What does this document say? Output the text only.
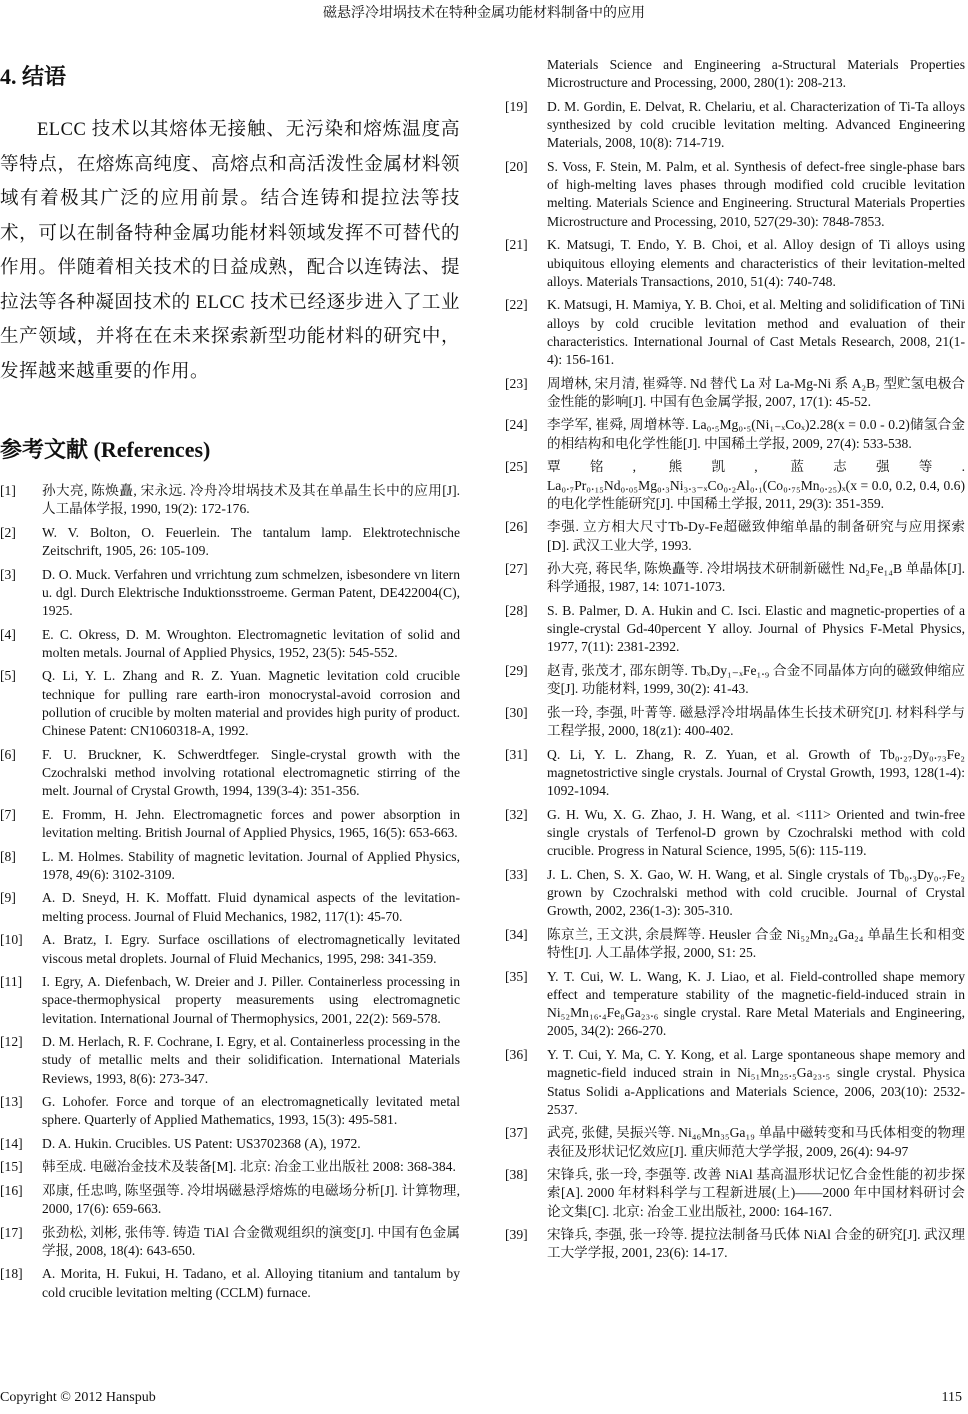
磁悬浮冷坩埚技术在特种金属功能材料制备中的应用
4. 结语

ELCC 技术以其熔体无接触、无污染和熔炼温度高等特点，在熔炼高纯度、高熔点和高活泼性金属材料领域有着极其广泛的应用前景。结合连铸和提拉法等技术，可以在制备特种金属功能材料领域发挥不可替代的作用。伴随着相关技术的日益成熟，配合以连铸法、提拉法等各种凝固技术的 ELCC 技术已经逐步进入了工业生产领域，并将在在未来探索新型功能材料的研究中，发挥越来越重要的作用。

参考文献 (References)
[1]	孙大亮, 陈焕矗, 宋永远. 冷舟冷坩埚技术及其在单晶生长中的应用[J]. 人工晶体学报, 1990, 19(2): 172-176.
[2]	W. V. Bolton, O. Feuerlein. The tantalum lamp. Elektrotechnische Zeitschrift, 1905, 26: 105-109.
[3]	D. O. Muck. Verfahren und vrrichtung zum schmelzen, isbesondere vn litern u. dgl. Durch Elektrische Induktionsstroeme. German Patent, DE422004(C), 1925.
[4]	E. C. Okress, D. M. Wroughton. Electromagnetic levitation of solid and molten metals. Journal of Applied Physics, 1952, 23(5): 545-552.
[5]	Q. Li, Y. L. Zhang and R. Z. Yuan. Magnetic levitation cold crucible technique for pulling rare earth-iron monocrystal-avoid corrosion and pollution of crucible by molten material and provides high purity of product. Chinese Patent: CN1060318-A, 1992.
[6]	F. U. Bruckner, K. Schwerdtfeger. Single-crystal growth with the Czochralski method involving rotational electromagnetic stirring of the melt. Journal of Crystal Growth, 1994, 139(3-4): 351-356.
[7]	E. Fromm, H. Jehn. Electromagnetic forces and power absorption in levitation melting. British Journal of Applied Physics, 1965, 16(5): 653-663.
[8]	L. M. Holmes. Stability of magnetic levitation. Journal of Applied Physics, 1978, 49(6): 3102-3109.
[9]	A. D. Sneyd, H. K. Moffatt. Fluid dynamical aspects of the levitation-melting process. Journal of Fluid Mechanics, 1982, 117(1): 45-70.
[10]	A. Bratz, I. Egry. Surface oscillations of electromagnetically levitated viscous metal droplets. Journal of Fluid Mechanics, 1995, 298: 341-359.
[11]	I. Egry, A. Diefenbach, W. Dreier and J. Piller. Containerless processing in space-thermophysical property measurements using electromagnetic levitation. International Journal of Thermophysics, 2001, 22(2): 569-578.
[12]	D. M. Herlach, R. F. Cochrane, I. Egry, et al. Containerless processing in the study of metallic melts and their solidification. International Materials Reviews, 1993, 8(6): 273-347.
[13]	G. Lohofer. Force and torque of an electromagnetically levitated metal sphere. Quarterly of Applied Mathematics, 1993, 15(3): 495-581.
[14]	D. A. Hukin. Crucibles. US Patent: US3702368 (A), 1972.
[15]	韩至成. 电磁冶金技术及装备[M]. 北京: 冶金工业出版社 2008: 368-384.
[16]	邓康, 任忠鸣, 陈坚强等. 冷坩埚磁悬浮熔炼的电磁场分析[J]. 计算物理, 2000, 17(6): 659-663.
[17]	张劲松, 刘彬, 张伟等. 铸造 TiAl 合金微观组织的演变[J]. 中国有色金属学报, 2008, 18(4): 643-650.
[18]	A. Morita, H. Fukui, H. Tadano, et al. Alloying titanium and tantalum by cold crucible levitation melting (CCLM) furnace.
Materials Science and Engineering a-Structural Materials Properties Microstructure and Processing, 2000, 280(1): 208-213.
[19]	D. M. Gordin, E. Delvat, R. Chelariu, et al. Characterization of Ti-Ta alloys synthesized by cold crucible levitation melting. Advanced Engineering Materials, 2008, 10(8): 714-719.
[20]	S. Voss, F. Stein, M. Palm, et al. Synthesis of defect-free single-phase bars of high-melting laves phases through modified cold crucible levitation melting. Materials Science and Engineering. Structural Materials Properties Microstructure and Processing, 2010, 527(29-30): 7848-7853.
[21]	K. Matsugi, T. Endo, Y. B. Choi, et al. Alloy design of Ti alloys using ubiquitous elloying elements and characteristics of their levitation-melted alloys. Materials Transactions, 2010, 51(4): 740-748.
[22]	K. Matsugi, H. Mamiya, Y. B. Choi, et al. Melting and solidification of TiNi alloys by cold crucible levitation method and evaluation of their characteristics. International Journal of Cast Metals Research, 2008, 21(1-4): 156-161.
[23]	周增林, 宋月清, 崔舜等. Nd 替代 La 对 La-Mg-Ni 系 A₂B₇ 型贮氢电极合金性能的影响[J]. 中国有色金属学报, 2007, 17(1): 45-52.
[24]	李学军, 崔舜, 周增林等. La₀.₅Mg₀.₅(Ni₁₋ₓCoₓ)2.28(x = 0.0 - 0.2)储氢合金的相结构和电化学性能[J]. 中国稀土学报, 2009, 27(4): 533-538.
[25]	覃铭, 熊凯, 蓝志强等. La₀.₇Pr₀.₁₅Nd₀.₀₅Mg₀.₃Ni₃.₃₋ₓCo₀.₂Al₀.₁(Co₀.₇₅Mn₀.₂₅)ₓ(x = 0.0, 0.2, 0.4, 0.6)的电化学性能研究[J]. 中国稀土学报, 2011, 29(3): 351-359.
[26]	李强. 立方相大尺寸Tb-Dy-Fe超磁致伸缩单晶的制备研究与应用探索[D]. 武汉工业大学, 1993.
[27]	孙大亮, 蒋民华, 陈焕矗等. 冷坩埚技术研制新磁性 Nd₂Fe₁₄B 单晶体[J]. 科学通报, 1987, 14: 1071-1073.
[28]	S. B. Palmer, D. A. Hukin and C. Isci. Elastic and magnetic-properties of a single-crystal Gd-40percent Y alloy. Journal of Physics F-Metal Physics, 1977, 7(11): 2381-2392.
[29]	赵青, 张茂才, 邵东朗等. TbₓDy₁₋ₓFe₁.₉ 合金不同晶体方向的磁致伸缩应变[J]. 功能材料, 1999, 30(2): 41-43.
[30]	张一玲, 李强, 叶菁等. 磁悬浮冷坩埚晶体生长技术研究[J]. 材料科学与工程学报, 2000, 18(z1): 400-402.
[31]	Q. Li, Y. L. Zhang, R. Z. Yuan, et al. Growth of Tb₀.₂₇Dy₀.₇₃Fe₂ magnetostrictive single crystals. Journal of Crystal Growth, 1993, 128(1-4): 1092-1094.
[32]	G. H. Wu, X. G. Zhao, J. H. Wang, et al. <111> Oriented and twin-free single crystals of Terfenol-D grown by Czochralski method with cold crucible. Progress in Natural Science, 1995, 5(6): 115-119.
[33]	J. L. Chen, S. X. Gao, W. H. Wang, et al. Single crystals of Tb₀.₃Dy₀.₇Fe₂ grown by Czochralski method with cold crucible. Journal of Crystal Growth, 2002, 236(1-3): 305-310.
[34]	陈京兰, 王文洪, 余晨辉等. Heusler 合金 Ni₅₂Mn₂₄Ga₂₄ 单晶生长和相变特性[J]. 人工晶体学报, 2000, S1: 25.
[35]	Y. T. Cui, W. L. Wang, K. J. Liao, et al. Field-controlled shape memory effect and temperature stability of the magnetic-field-induced strain in Ni₅₂Mn₁₆.₄Fe₈Ga₂₃.₆ single crystal. Rare Metal Materials and Engineering, 2005, 34(2): 266-270.
[36]	Y. T. Cui, Y. Ma, C. Y. Kong, et al. Large spontaneous shape memory and magnetic-field induced strain in Ni₅₁Mn₂₅.₅Ga₂₃.₅ single crystal. Physica Status Solidi a-Applications and Materials Science, 2006, 203(10): 2532-2537.
[37]	武亮, 张健, 吴振兴等. Ni₄₆Mn₃₅Ga₁₉ 单晶中磁转变和马氏体相变的物理表征及形状记忆效应[J]. 重庆师范大学学报, 2009, 26(4): 94-97
[38]	宋锋兵, 张一玲, 李强等. 改善 NiAl 基高温形状记忆合金性能的初步探索[A]. 2000 年材料科学与工程新进展(上)——2000 年中国材料研讨会论文集[C]. 北京: 冶金工业出版社, 2000: 164-167.
[39]	宋锋兵, 李强, 张一玲等. 提拉法制备马氏体 NiAl 合金的研究[J]. 武汉理工大学学报, 2001, 23(6): 14-17.
Copyright © 2012 Hanspub	115
